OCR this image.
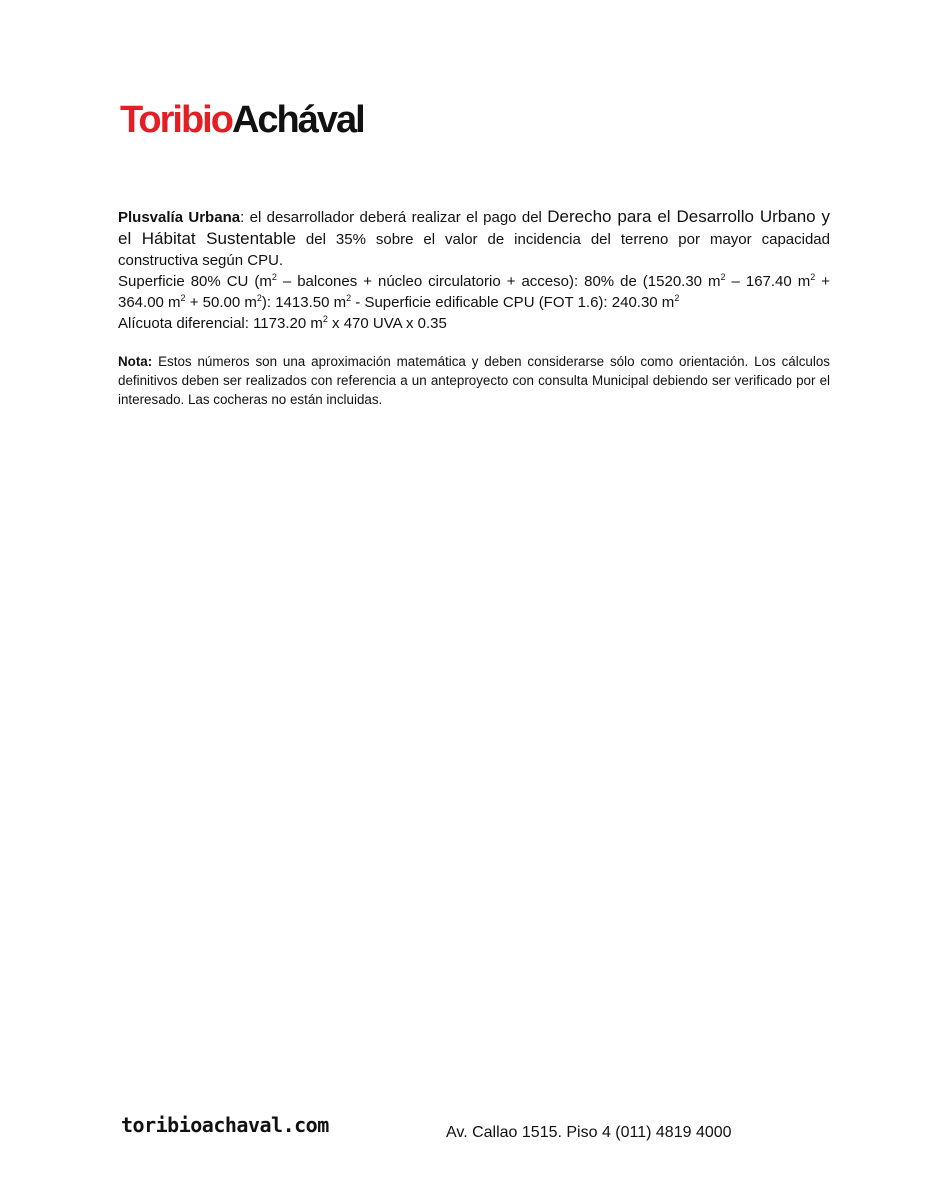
ToribioAchával

Plusvalía Urbana: el desarrollador deberá realizar el pago del Derecho para el Desarrollo Urbano y el Hábitat Sustentable del 35% sobre el valor de incidencia del terreno por mayor capacidad constructiva según CPU.

Superficie 80% CU ($m^2$ – balcones + núcleo circulatorio + acceso): 80% de (1520.30 $m^2 - 167.40$ $m^2 + 364.00$ $m^2 + 50.00$ $m^2$): 1413.50 $m^2$ - Superficie edificable CPU (FOT 1.6): 240.30 $m^2$

Alícuota diferencial: 1173.20 $m^2$ x 470 UVA x 0.35

Nota: Estos números son una aproximación matemática y deben considerarse sólo como orientación. Los cálculos definitivos deben ser realizados con referencia a un anteproyecto con consulta Municipal debiendo ser verificado por el interesado. Las cocheras no están incluidas.

toribioachaval.com	Av. Callao 1515. Piso 4 (011) 4819 4000
